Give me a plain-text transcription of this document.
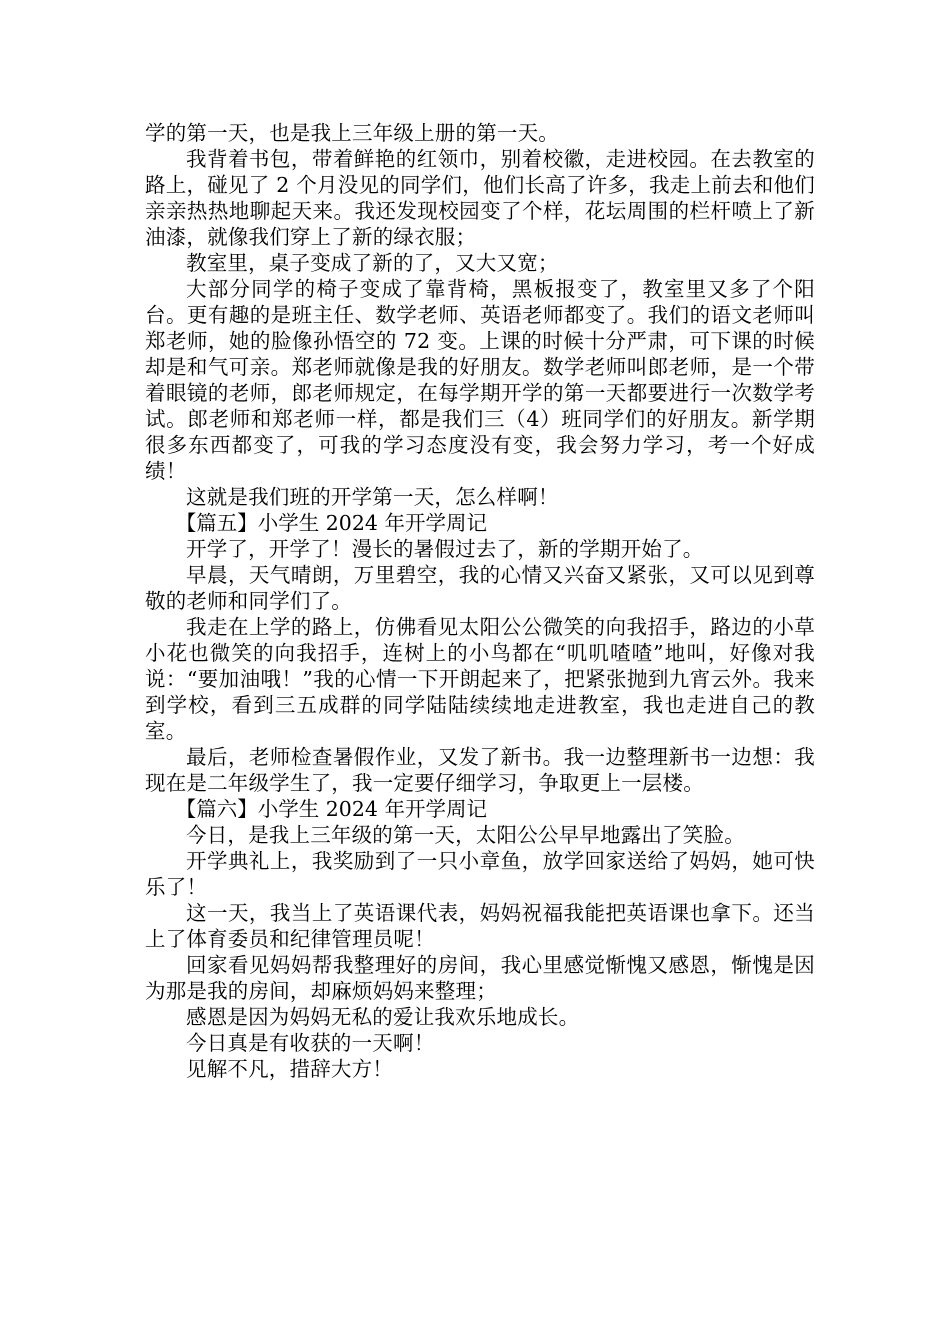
学的第一天，也是我上三年级上册的第一天。

我背着书包，带着鲜艳的红领巾，别着校徽，走进校园。在去教室的路上，碰见了 2 个月没见的同学们，他们长高了许多，我走上前去和他们亲亲热热地聊起天来。我还发现校园变了个样，花坛周围的栏杆喷上了新油漆，就像我们穿上了新的绿衣服；

教室里，桌子变成了新的了，又大又宽；

大部分同学的椅子变成了靠背椅，黑板报变了，教室里又多了个阳台。更有趣的是班主任、数学老师、英语老师都变了。我们的语文老师叫郑老师，她的脸像孙悟空的 72 变。上课的时候十分严肃，可下课的时候却是和气可亲。郑老师就像是我的好朋友。数学老师叫郎老师，是一个带着眼镜的老师，郎老师规定，在每学期开学的第一天都要进行一次数学考试。郎老师和郑老师一样，都是我们三（4）班同学们的好朋友。新学期很多东西都变了，可我的学习态度没有变，我会努力学习，考一个好成绩！

这就是我们班的开学第一天，怎么样啊！

【篇五】小学生 2024 年开学周记

开学了，开学了！漫长的暑假过去了，新的学期开始了。

早晨，天气晴朗，万里碧空，我的心情又兴奋又紧张，又可以见到尊敬的老师和同学们了。

我走在上学的路上，仿佛看见太阳公公微笑的向我招手，路边的小草小花也微笑的向我招手，连树上的小鸟都在“叽叽喳喳”地叫，好像对我说：“要加油哦！”我的心情一下开朗起来了，把紧张抛到九宵云外。我来到学校，看到三五成群的同学陆陆续续地走进教室，我也走进自己的教室。

最后，老师检查暑假作业，又发了新书。我一边整理新书一边想：我现在是二年级学生了，我一定要仔细学习，争取更上一层楼。

【篇六】小学生 2024 年开学周记

今日，是我上三年级的第一天，太阳公公早早地露出了笑脸。

开学典礼上，我奖励到了一只小章鱼，放学回家送给了妈妈，她可快乐了！

这一天，我当上了英语课代表，妈妈祝福我能把英语课也拿下。还当上了体育委员和纪律管理员呢！

回家看见妈妈帮我整理好的房间，我心里感觉惭愧又感恩，惭愧是因为那是我的房间，却麻烦妈妈来整理；

感恩是因为妈妈无私的爱让我欢乐地成长。

今日真是有收获的一天啊！

见解不凡，措辞大方！
